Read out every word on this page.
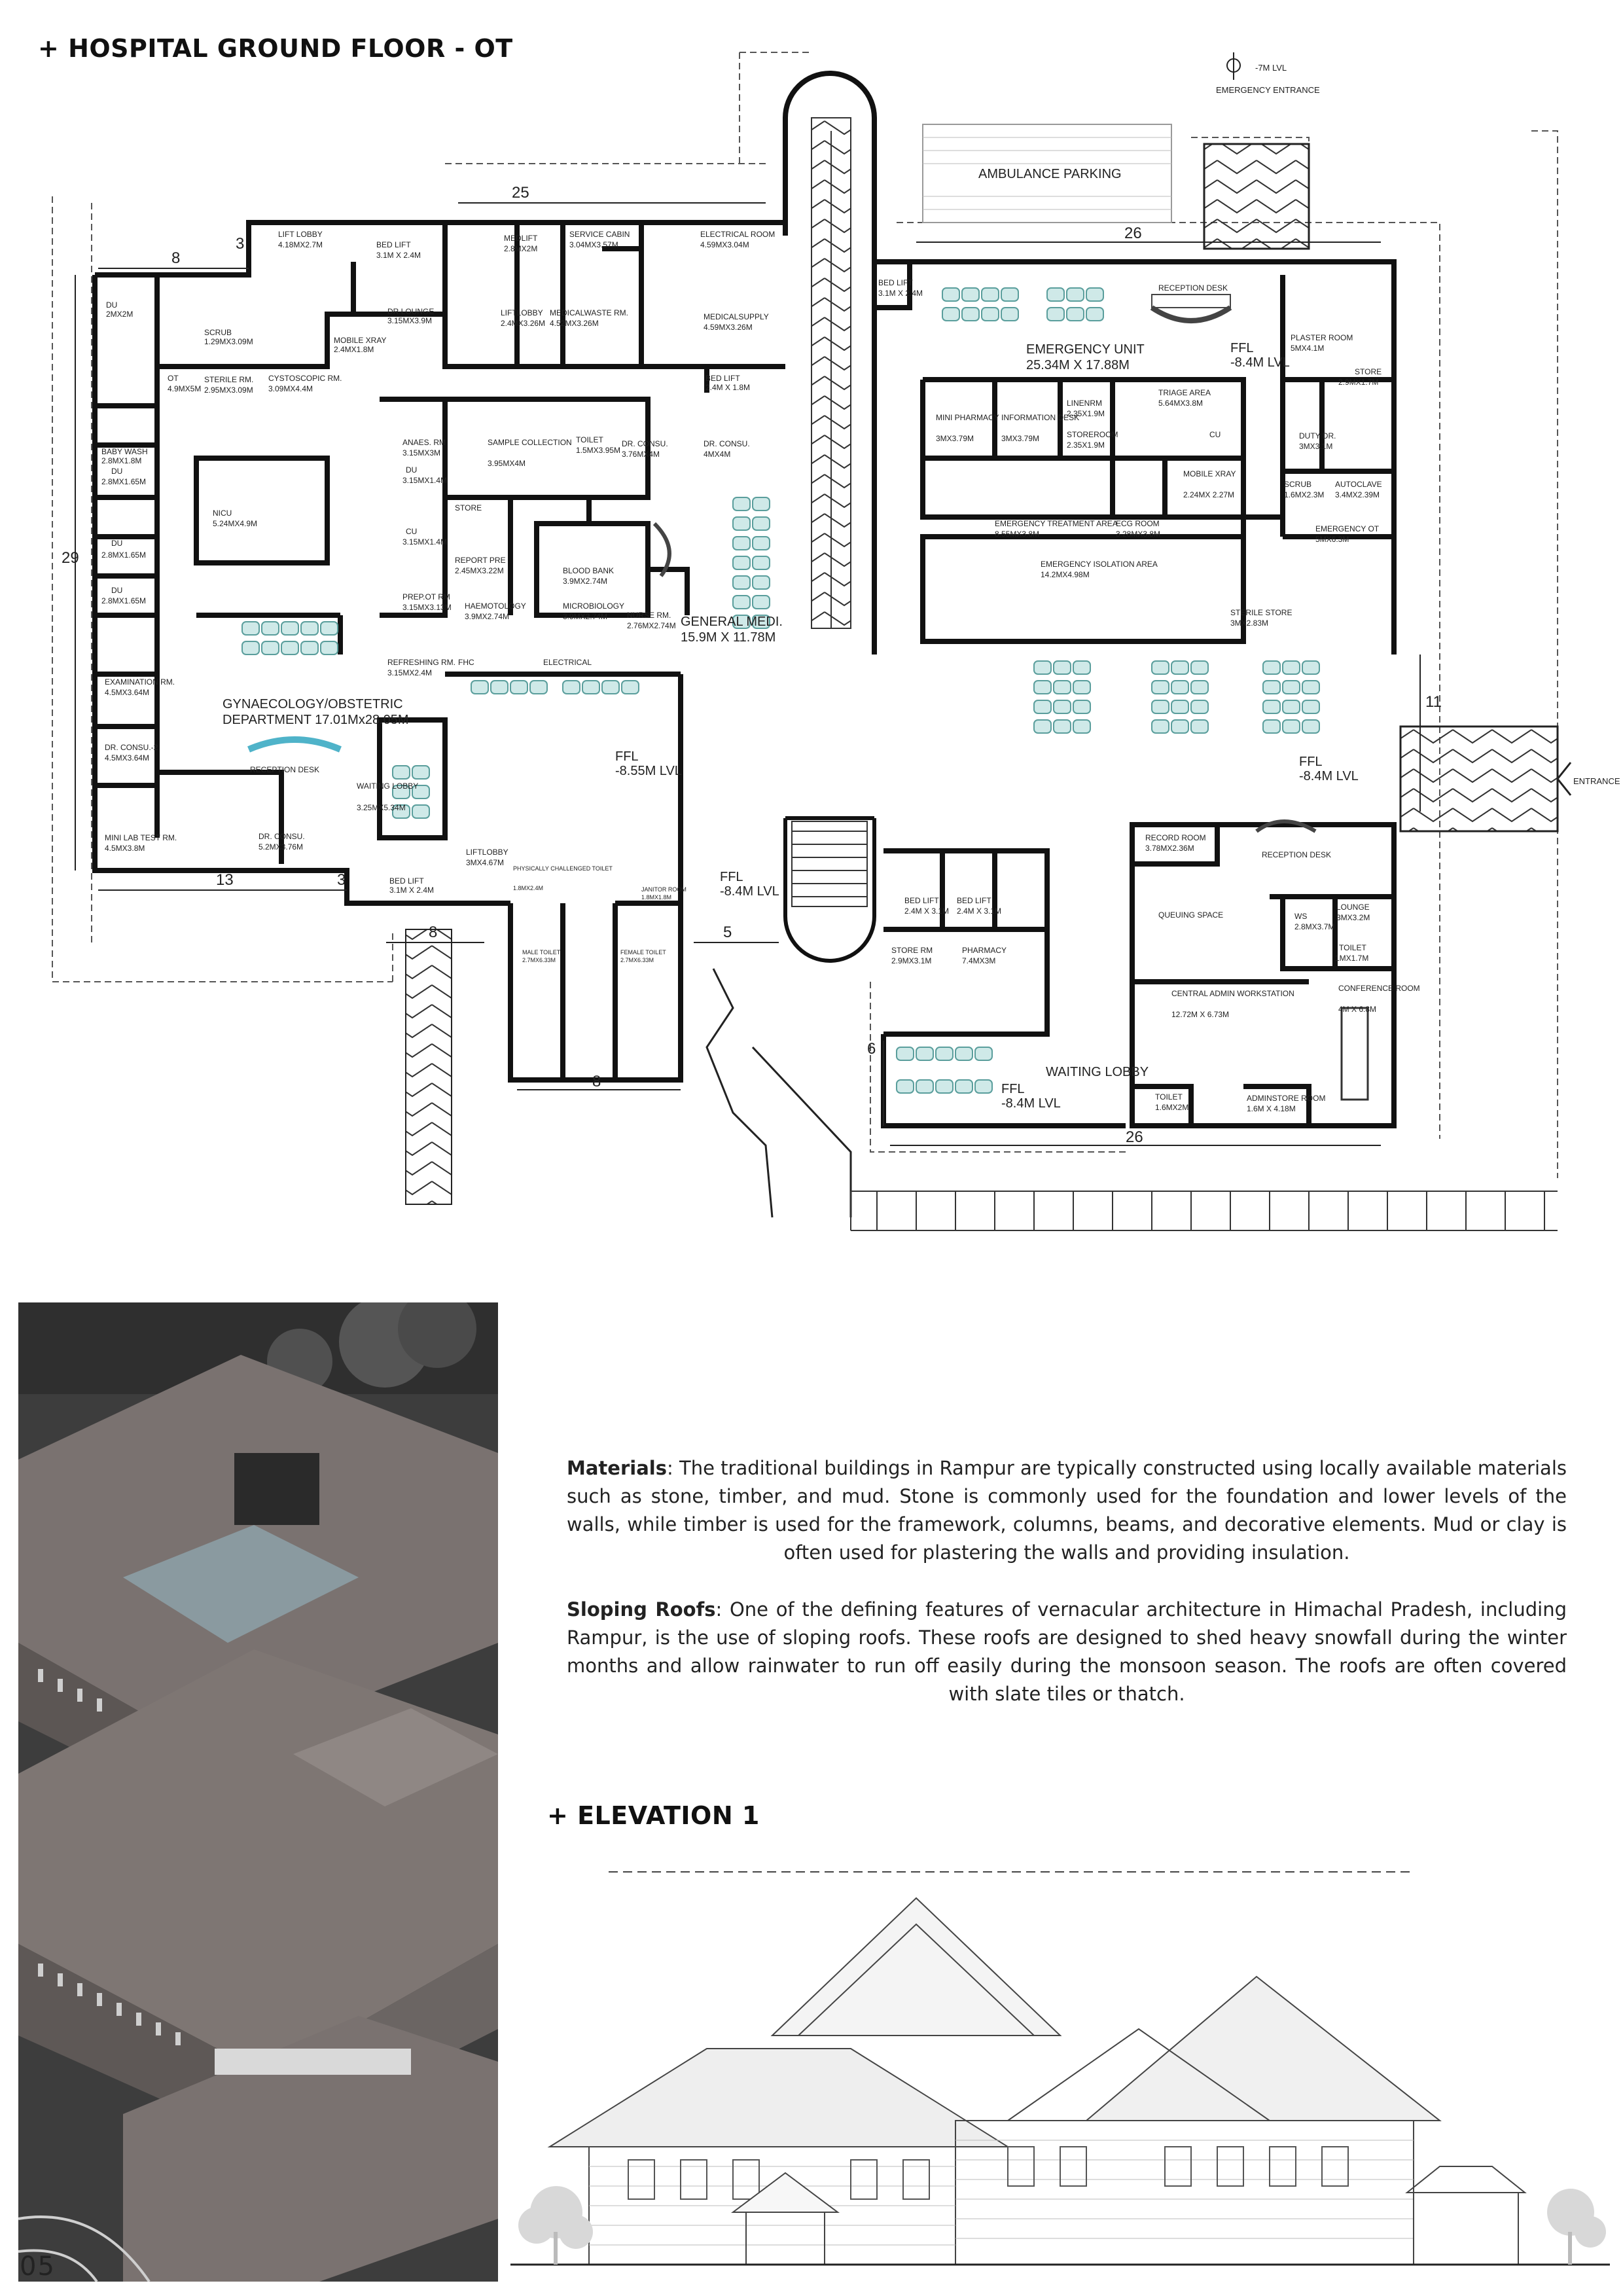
+ HOSPITAL GROUND FLOOR - OT
AMBULANCE PARKING
-7M LVL
EMERGENCY ENTRANCE
ENTRANCE
25
26
8
3
29
13	3
8	5
8
6
26
11
LIFT LOBBY
4.18MX2.7M	BED LIFT
3.1M X 2.4M
MEDLIFT
2.8MX2M
SERVICE CABIN
3.04MX3.57M
ELECTRICAL ROOM
4.59MX3.04M
LIFTLOBBY
2.4MX3.26M
MEDICALWASTE RM.
4.52MX3.26M
MEDICALSUPPLY
4.59MX3.26M
BED LIFT
2.4M X 1.8M
DU
2MX2M
SCRUB
1.29MX3.09M
OT
4.9MX5M
STERILE RM.
2.95MX3.09M
CYSTOSCOPIC RM.
3.09MX4.4M
MOBILE XRAY
2.4MX1.8M
DR.LOUNGE
3.15MX3.9M
BABY WASH
2.8MX1.8M
DU
2.8MX1.65M
DU
2.8MX1.65M
DU
2.8MX1.65M
NICU
5.24MX4.9M
ANAES. RM
3.15MX3M
DU
3.15MX1.4M
CU
3.15MX1.4M
REPORT PRE
2.45MX3.22M
PREP.OT RM
3.15MX3.13M
SAMPLE COLLECTION
3.95MX4M
TOILET
1.5MX3.95M
DR. CONSU.
3.76MX4M
DR. CONSU.
4MX4M
STORE
BLOOD BANK
3.9MX2.74M
HAEMOTOLOGY
3.9MX2.74M
MICROBIOLOGY
3.9MX2.74M NURSE RM.
2.76MX2.74M
ELECTRICAL
FHC
REFRESHING RM.
3.15MX2.4M
EXAMINATION RM.
4.5MX3.64M
DR. CONSU.-2
4.5MX3.64M
RECEPTION DESK
WAITING LOBBY
3.25MX5.34M
MINI LAB TEST RM.
4.5MX3.8M
DR. CONSU.
5.2MX3.76M
BED LIFT
3.1M X 2.4M
LIFTLOBBY
3MX4.67M
PHYSICALLY CHALLENGED TOILET
1.8MX2.4M	JANITOR ROOM
1.8MX1.8M
MALE TOILET
2.7MX6.33M
FEMALE TOILET
2.7MX6.33M
BED LIFT
3.1M X 2.4M
BED LIFT
2.4M X 3.1M
BED LIFT
2.4M X 3.1M
RECEPTION DESK
PLASTER ROOM
5MX4.1M
STORE
2.9MX1.7M
MINI PHARMACY
3MX3.79M
INFORMATION DESK
3MX3.79M
LINENRM
2.35X1.9M
STOREROOM
2.35X1.9M
TRIAGE AREA
5.64MX3.8M
CU	DUTY DR.
3MX3.1M
MOBILE XRAY
2.24MX 2.27M
SCRUB
1.6MX2.3M
AUTOCLAVE
3.4MX2.39M
EMERGENCY TREATMENT AREA
8.55MX3.8M
ECG ROOM
3.28MX3.8M
EMERGENCY OT
5MX6.3M
EMERGENCY ISOLATION AREA
14.2MX4.98M
STERILE STORE
3MX2.83M
RECORD ROOM
3.78MX2.36M
RECEPTION DESK
QUEUING SPACE	WS
2.8MX3.7M
LOUNGE
3MX3.2M
TOILET
1MX1.7M
STORE RM
2.9MX3.1M
PHARMACY
7.4MX3M
CENTRAL ADMIN WORKSTATION
12.72M X 6.73M
CONFERENCE ROOM
4M X 6.8M
TOILET
1.6MX2M
ADMINSTORE ROOM
1.6M X 4.18M
GENERAL MEDI.
15.9M X 11.78M
GYNAECOLOGY/OBSTETRIC
DEPARTMENT 17.01Mx28.05M
EMERGENCY UNIT
25.34M X 17.88M
WAITING LOBBY
FFL
-8.55M LVL
FFL
-8.4M LVL
FFL
-8.4M LVL
FFL
-8.4M LVL
FFL
-8.4M LVL

Materials: The traditional buildings in Rampur are typically constructed using locally available materials such as stone, timber, and mud. Stone is commonly used for the foundation and lower levels of the walls, while timber is used for the framework, columns, beams, and decorative elements. Mud or clay is often used for plastering the walls and providing insulation.

Sloping Roofs: One of the defining features of vernacular architecture in Himachal Pradesh, including Rampur, is the use of sloping roofs. These roofs are designed to shed heavy snowfall during the winter months and allow rainwater to run off easily during the monsoon season. The roofs are often covered with slate tiles or thatch.

+ ELEVATION 1
05
